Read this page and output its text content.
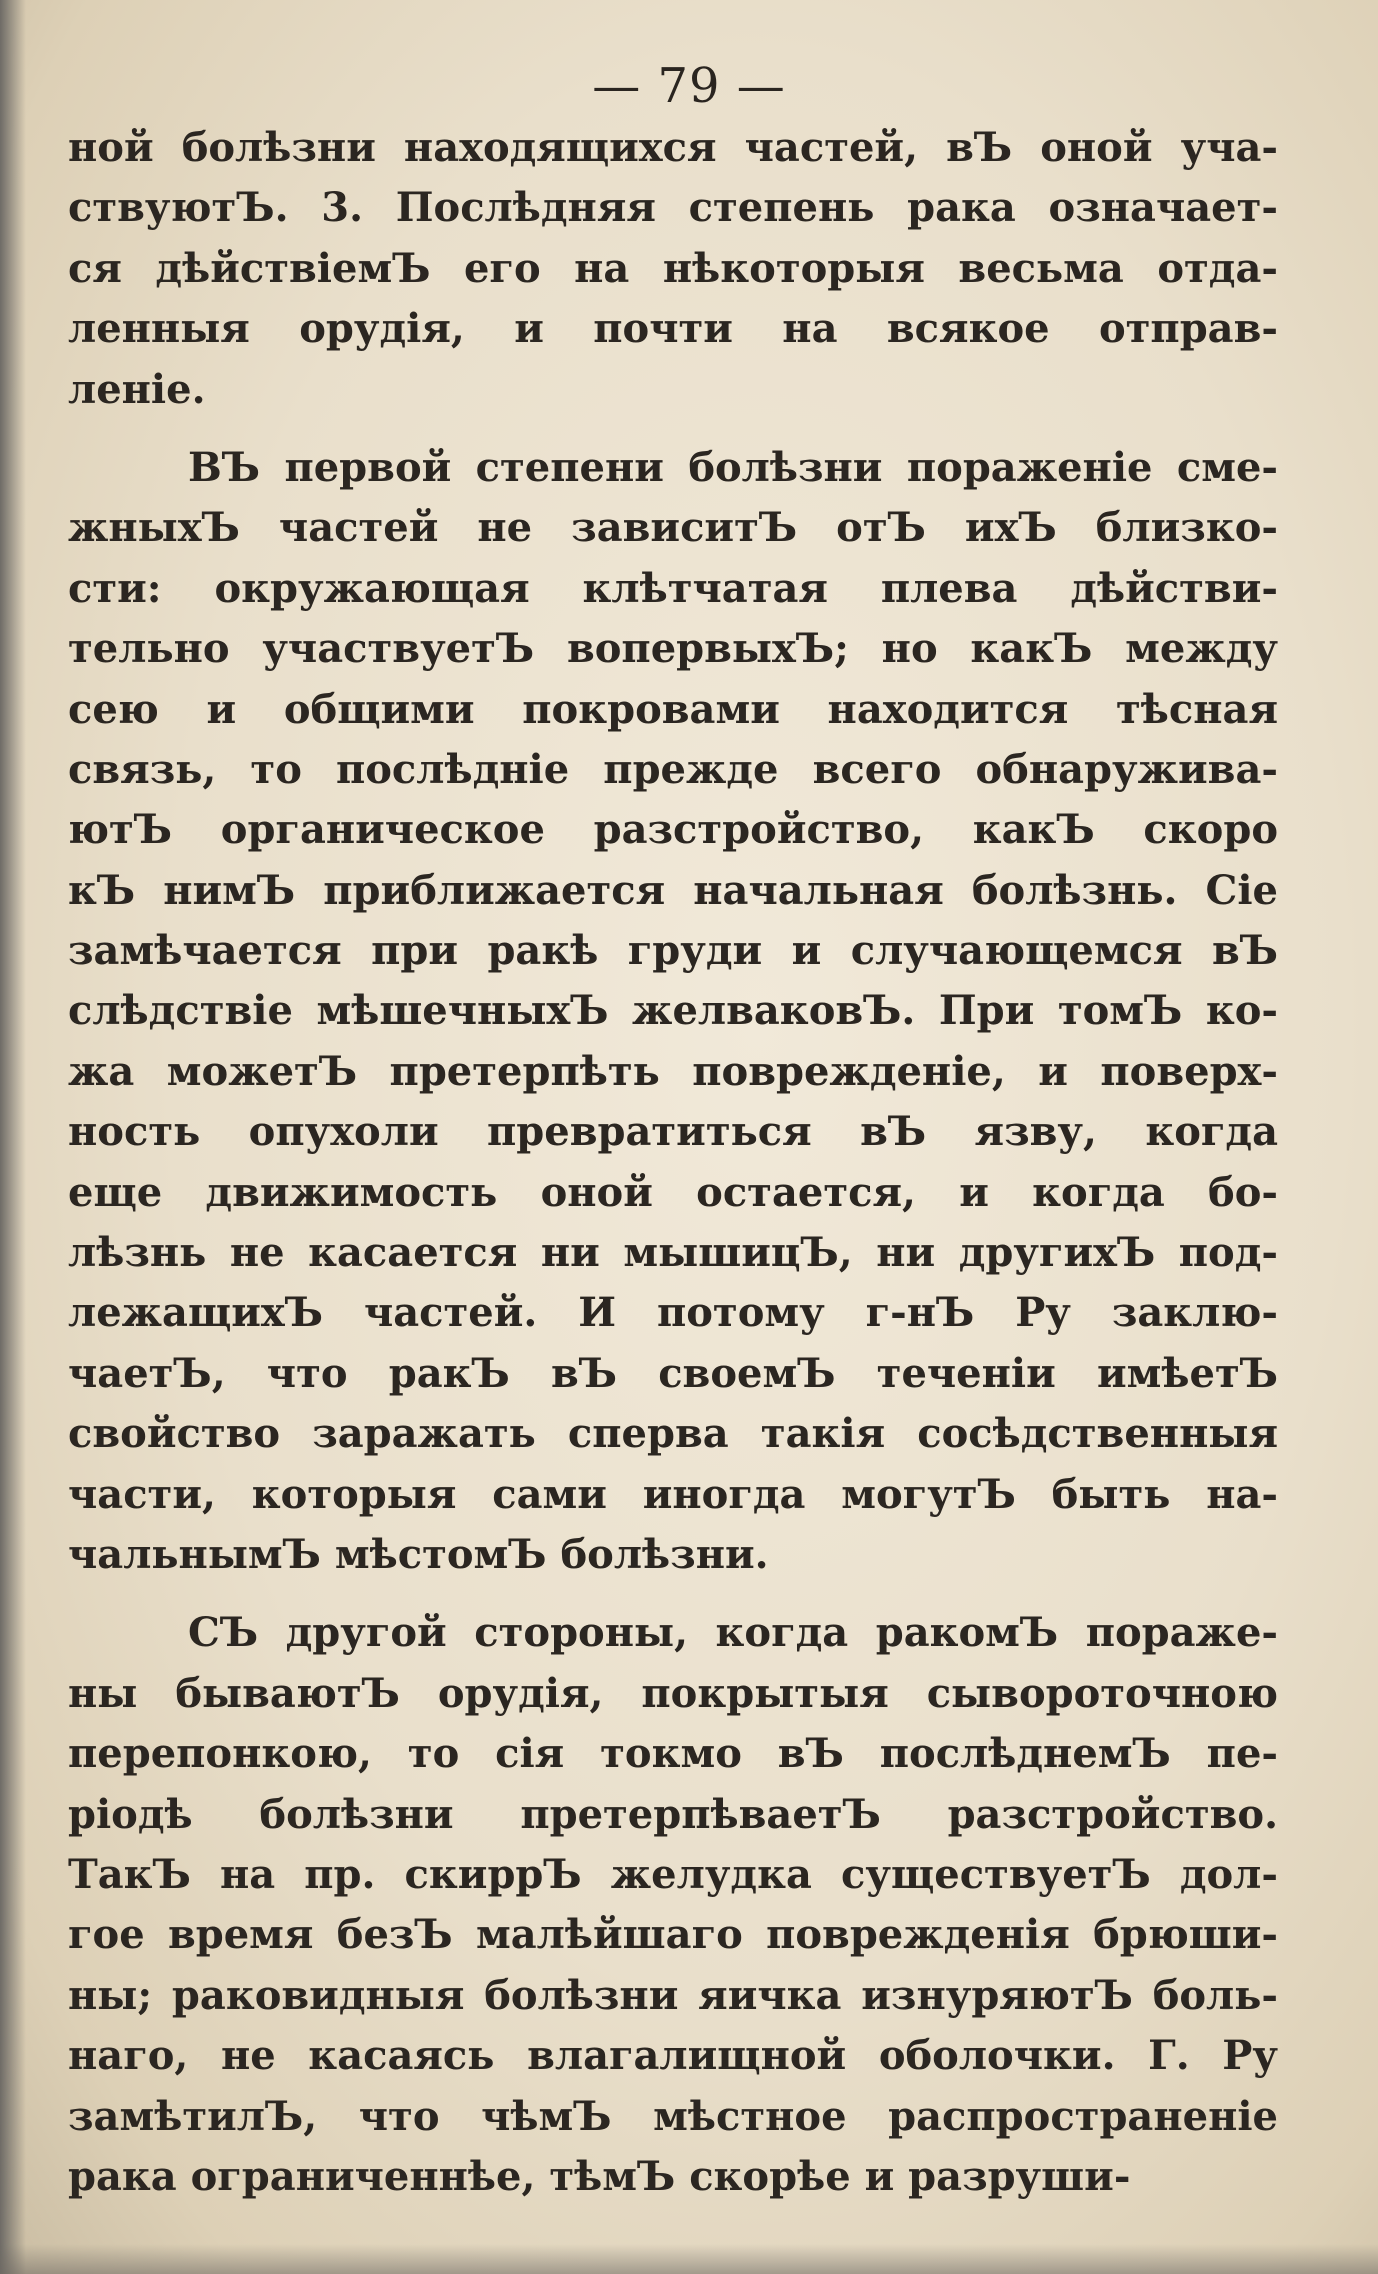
— 79 —
ной болѣзни находящихся частей, вЪ оной уча-
ствуютЪ. 3. Послѣдняя степень рака означает-
ся дѣйствіемЪ его на нѣкоторыя весьма отда-
ленныя орудія, и почти на всякое отправ-
леніе.
ВЪ первой степени болѣзни пораженіе сме-
жныхЪ частей не зависитЪ отЪ ихЪ близко-
сти: окружающая клѣтчатая плева дѣйстви-
тельно участвуетЪ вопервыхЪ; но какЪ между
сею и общими покровами находится тѣсная
связь, то послѣдніе прежде всего обнаружива-
ютЪ органическое разстройство, какЪ скоро
кЪ нимЪ приближается начальная болѣзнь. Сіе
замѣчается при ракѣ груди и случающемся вЪ
слѣдствіе мѣшечныхЪ желваковЪ. При томЪ ко-
жа можетЪ претерпѣть поврежденіе, и поверх-
ность опухоли превратиться вЪ язву, когда
еще движимость оной остается, и когда бо-
лѣзнь не касается ни мышицЪ, ни другихЪ под-
лежащихЪ частей. И потому г-нЪ Ру заклю-
чаетЪ, что ракЪ вЪ своемЪ теченіи имѣетЪ
свойство заражать сперва такія сосѣдственныя
части, которыя сами иногда могутЪ быть на-
чальнымЪ мѣстомЪ болѣзни.
СЪ другой стороны, когда ракомЪ пораже-
ны бываютЪ орудія, покрытыя сывороточною
перепонкою, то сія токмо вЪ послѣднемЪ пе-
ріодѣ болѣзни претерпѣваетЪ разстройство.
ТакЪ на пр. скиррЪ желудка существуетЪ дол-
гое время безЪ малѣйшаго поврежденія брюши-
ны; раковидныя болѣзни яичка изнуряютЪ боль-
наго, не касаясь влагалищной оболочки. Г. Ру
замѣтилЪ, что чѣмЪ мѣстное распространеніе
рака ограниченнѣе, тѣмЪ скорѣе и разруши-
